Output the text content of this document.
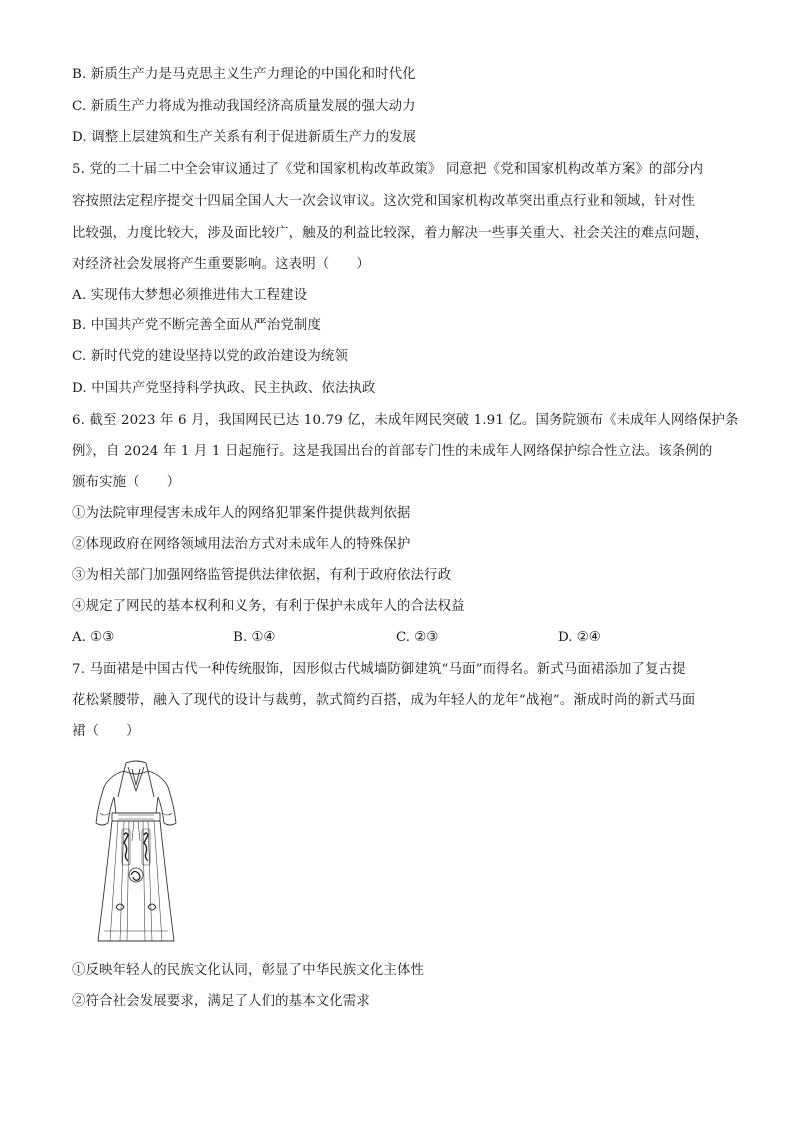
B. 新质生产力是马克思主义生产力理论的中国化和时代化
C. 新质生产力将成为推动我国经济高质量发展的强大动力
D. 调整上层建筑和生产关系有利于促进新质生产力的发展
5. 党的二十届二中全会审议通过了《党和国家机构改革政策》 同意把《党和国家机构改革方案》的部分内
容按照法定程序提交十四届全国人大一次会议审议。这次党和国家机构改革突出重点行业和领域，针对性
比较强，力度比较大，涉及面比较广，触及的利益比较深，着力解决一些事关重大、社会关注的难点问题，
对经济社会发展将产生重要影响。这表明（　　）
A. 实现伟大梦想必须推进伟大工程建设
B. 中国共产党不断完善全面从严治党制度
C. 新时代党的建设坚持以党的政治建设为统领
D. 中国共产党坚持科学执政、民主执政、依法执政
6. 截至 2023 年 6 月，我国网民已达 10.79 亿，未成年网民突破 1.91 亿。国务院颁布《未成年人网络保护条
例》，自 2024 年 1 月 1 日起施行。这是我国出台的首部专门性的未成年人网络保护综合性立法。该条例的
颁布实施（　　）
①为法院审理侵害未成年人的网络犯罪案件提供裁判依据
②体现政府在网络领域用法治方式对未成年人的特殊保护
③为相关部门加强网络监管提供法律依据，有利于政府依法行政
④规定了网民的基本权利和义务，有利于保护未成年人的合法权益
A. ①③	B. ①④	C. ②③	D. ②④
7. 马面裙是中国古代一种传统服饰，因形似古代城墙防御建筑“马面”而得名。新式马面裙添加了复古提
花松紧腰带，融入了现代的设计与裁剪，款式简约百搭，成为年轻人的龙年“战袍”。渐成时尚的新式马面
裙（　　）
①反映年轻人的民族文化认同，彰显了中华民族文化主体性
②符合社会发展要求，满足了人们的基本文化需求
